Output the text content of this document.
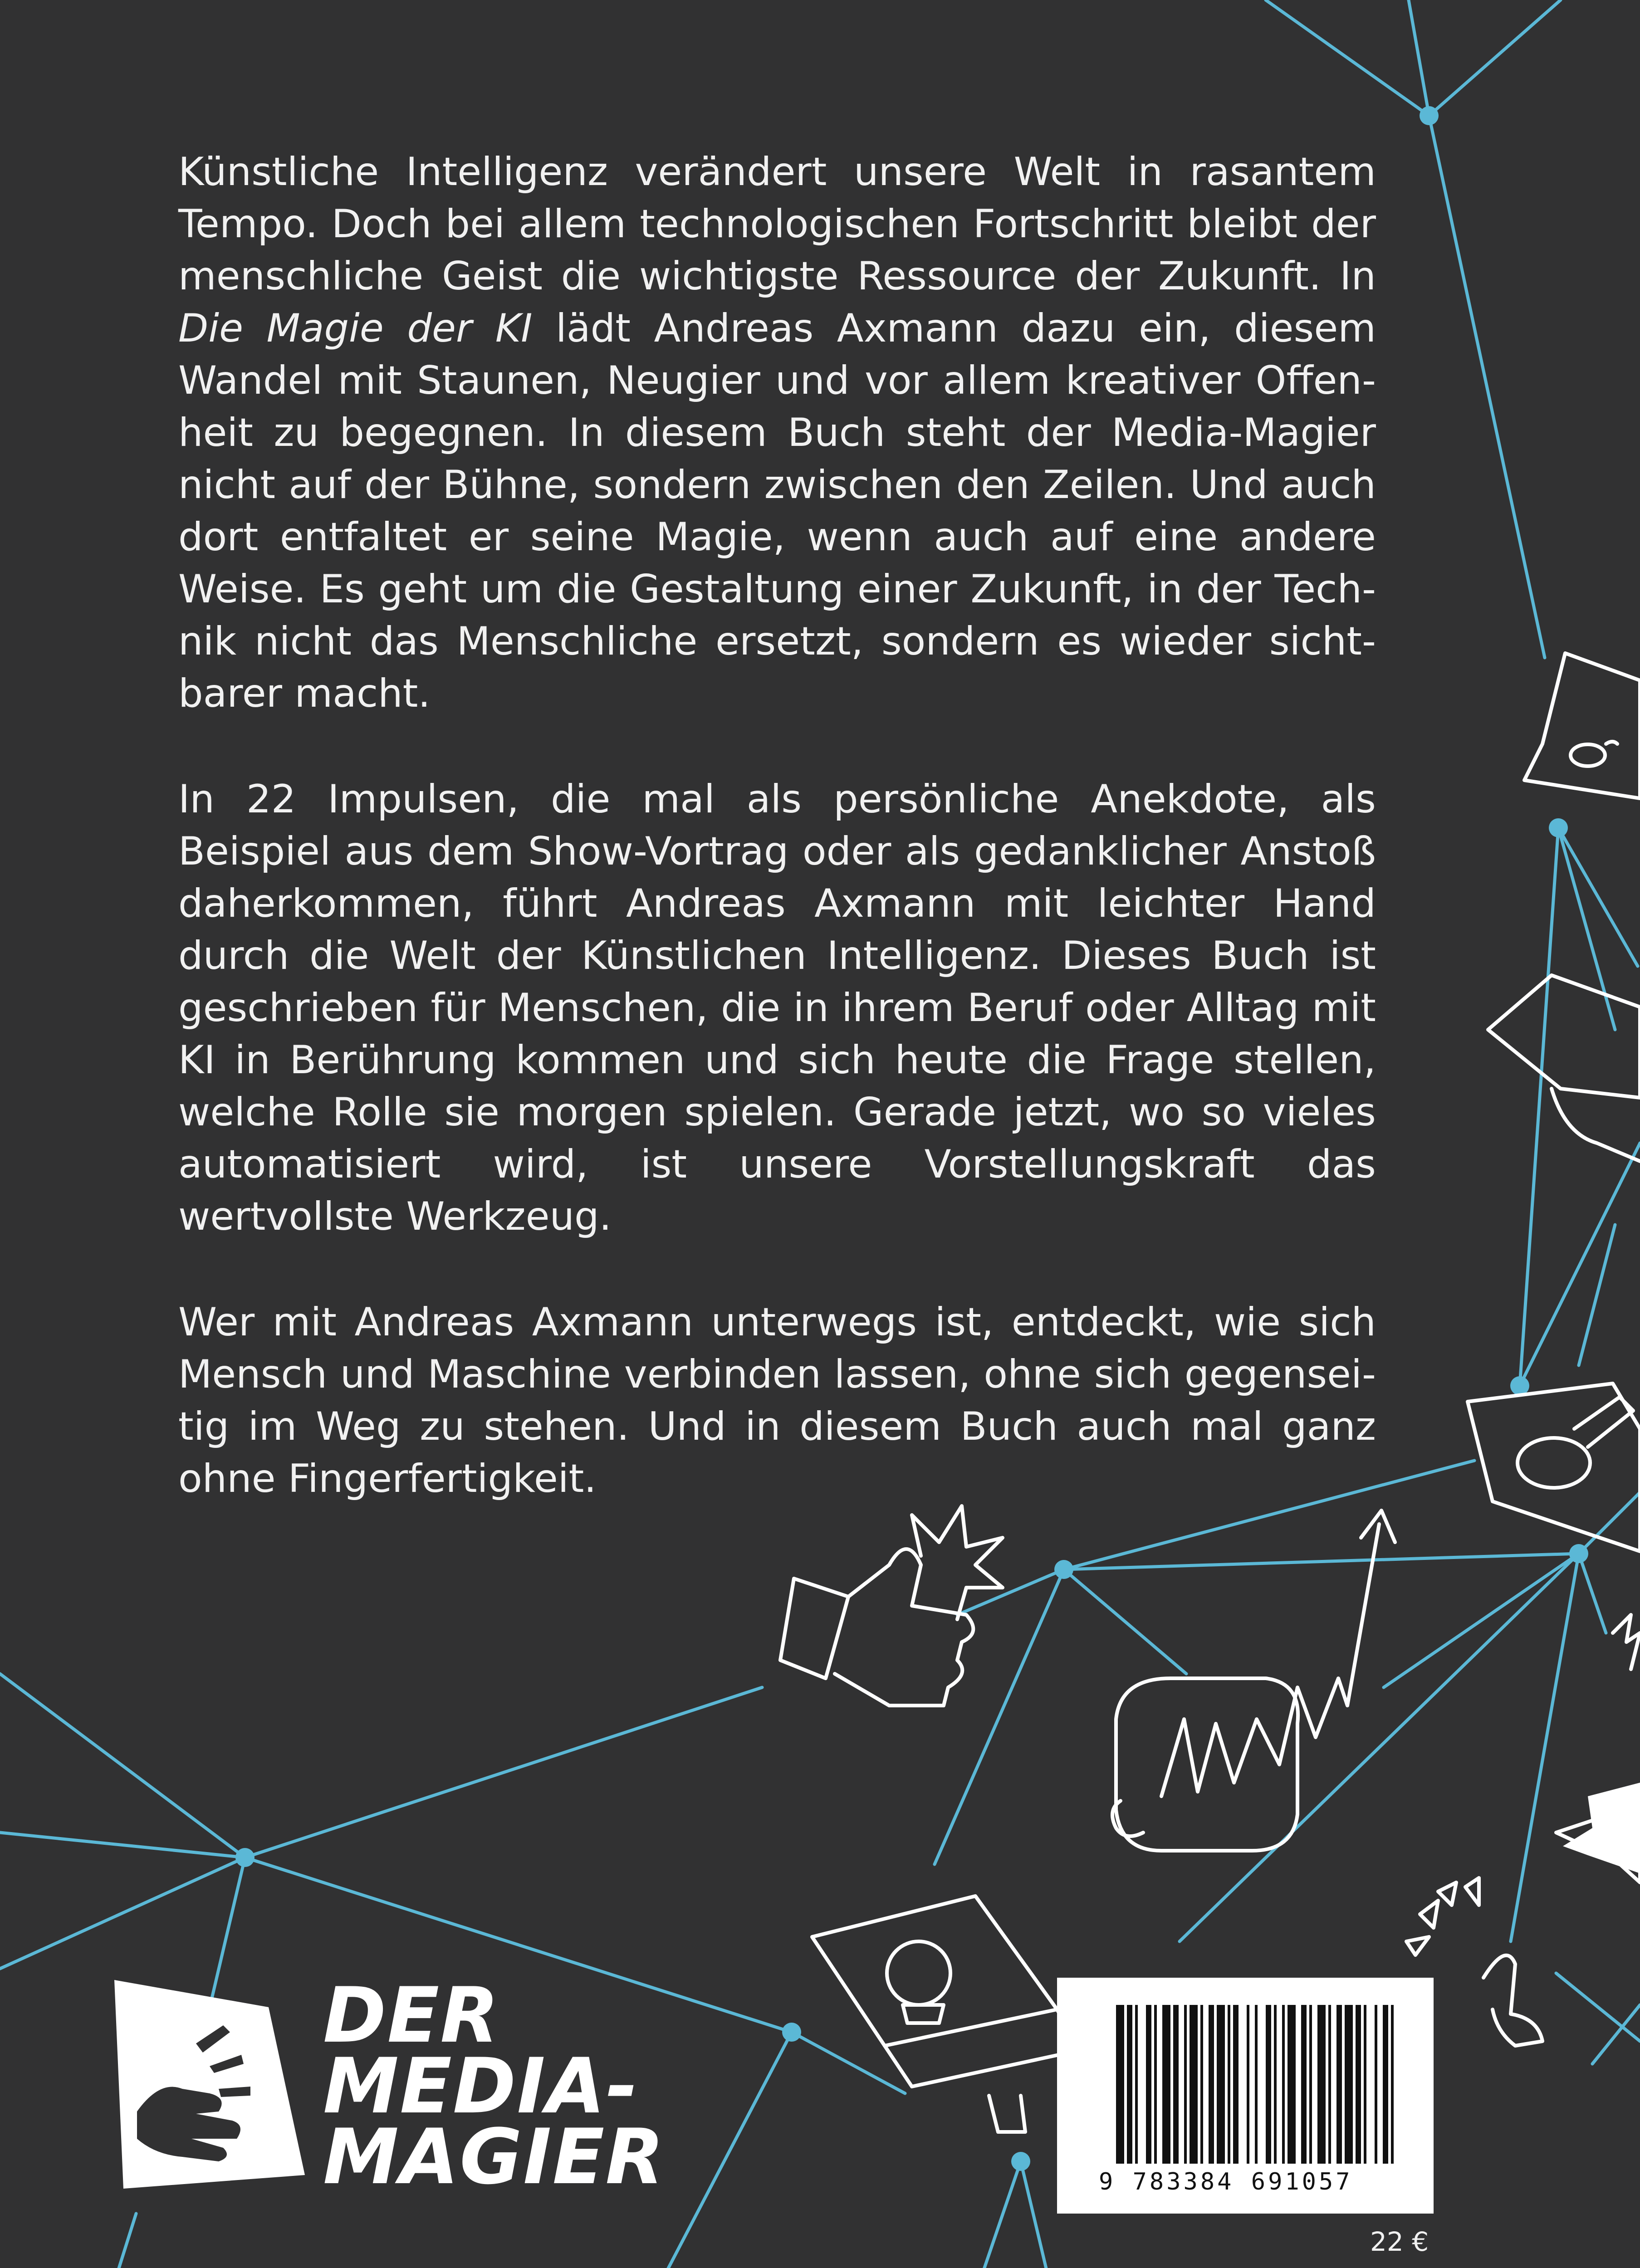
Künstliche Intelligenz verändert unsere Welt in rasantem Tempo. Doch bei allem technologischen Fortschritt bleibt der menschliche Geist die wichtigste Ressource der Zukunft. In Die Magie der KI lädt Andreas Axmann dazu ein, diesem Wandel mit Staunen, Neugier und vor allem kreativer Offenheit zu begegnen. In diesem Buch steht der Media-Magier nicht auf der Bühne, sondern zwischen den Zeilen. Und auch dort entfaltet er seine Magie, wenn auch auf eine andere Weise. Es geht um die Gestaltung einer Zukunft, in der Technik nicht das Menschliche ersetzt, sondern es wieder sichtbarer macht.

In 22 Impulsen, die mal als persönliche Anekdote, als Beispiel aus dem Show-Vortrag oder als gedanklicher Anstoß daherkommen, führt Andreas Axmann mit leichter Hand durch die Welt der Künstlichen Intelligenz. Dieses Buch ist geschrieben für Menschen, die in ihrem Beruf oder Alltag mit KI in Berührung kommen und sich heute die Frage stellen, welche Rolle sie morgen spielen. Gerade jetzt, wo so vieles automatisiert wird, ist unsere Vorstellungskraft das wertvollste Werkzeug.

Wer mit Andreas Axmann unterwegs ist, entdeckt, wie sich Mensch und Maschine verbinden lassen, ohne sich gegenseitig im Weg zu stehen. Und in diesem Buch auch mal ganz ohne Fingerfertigkeit.

DER
MEDIA-
MAGIER	9 783384 691057
22 €
